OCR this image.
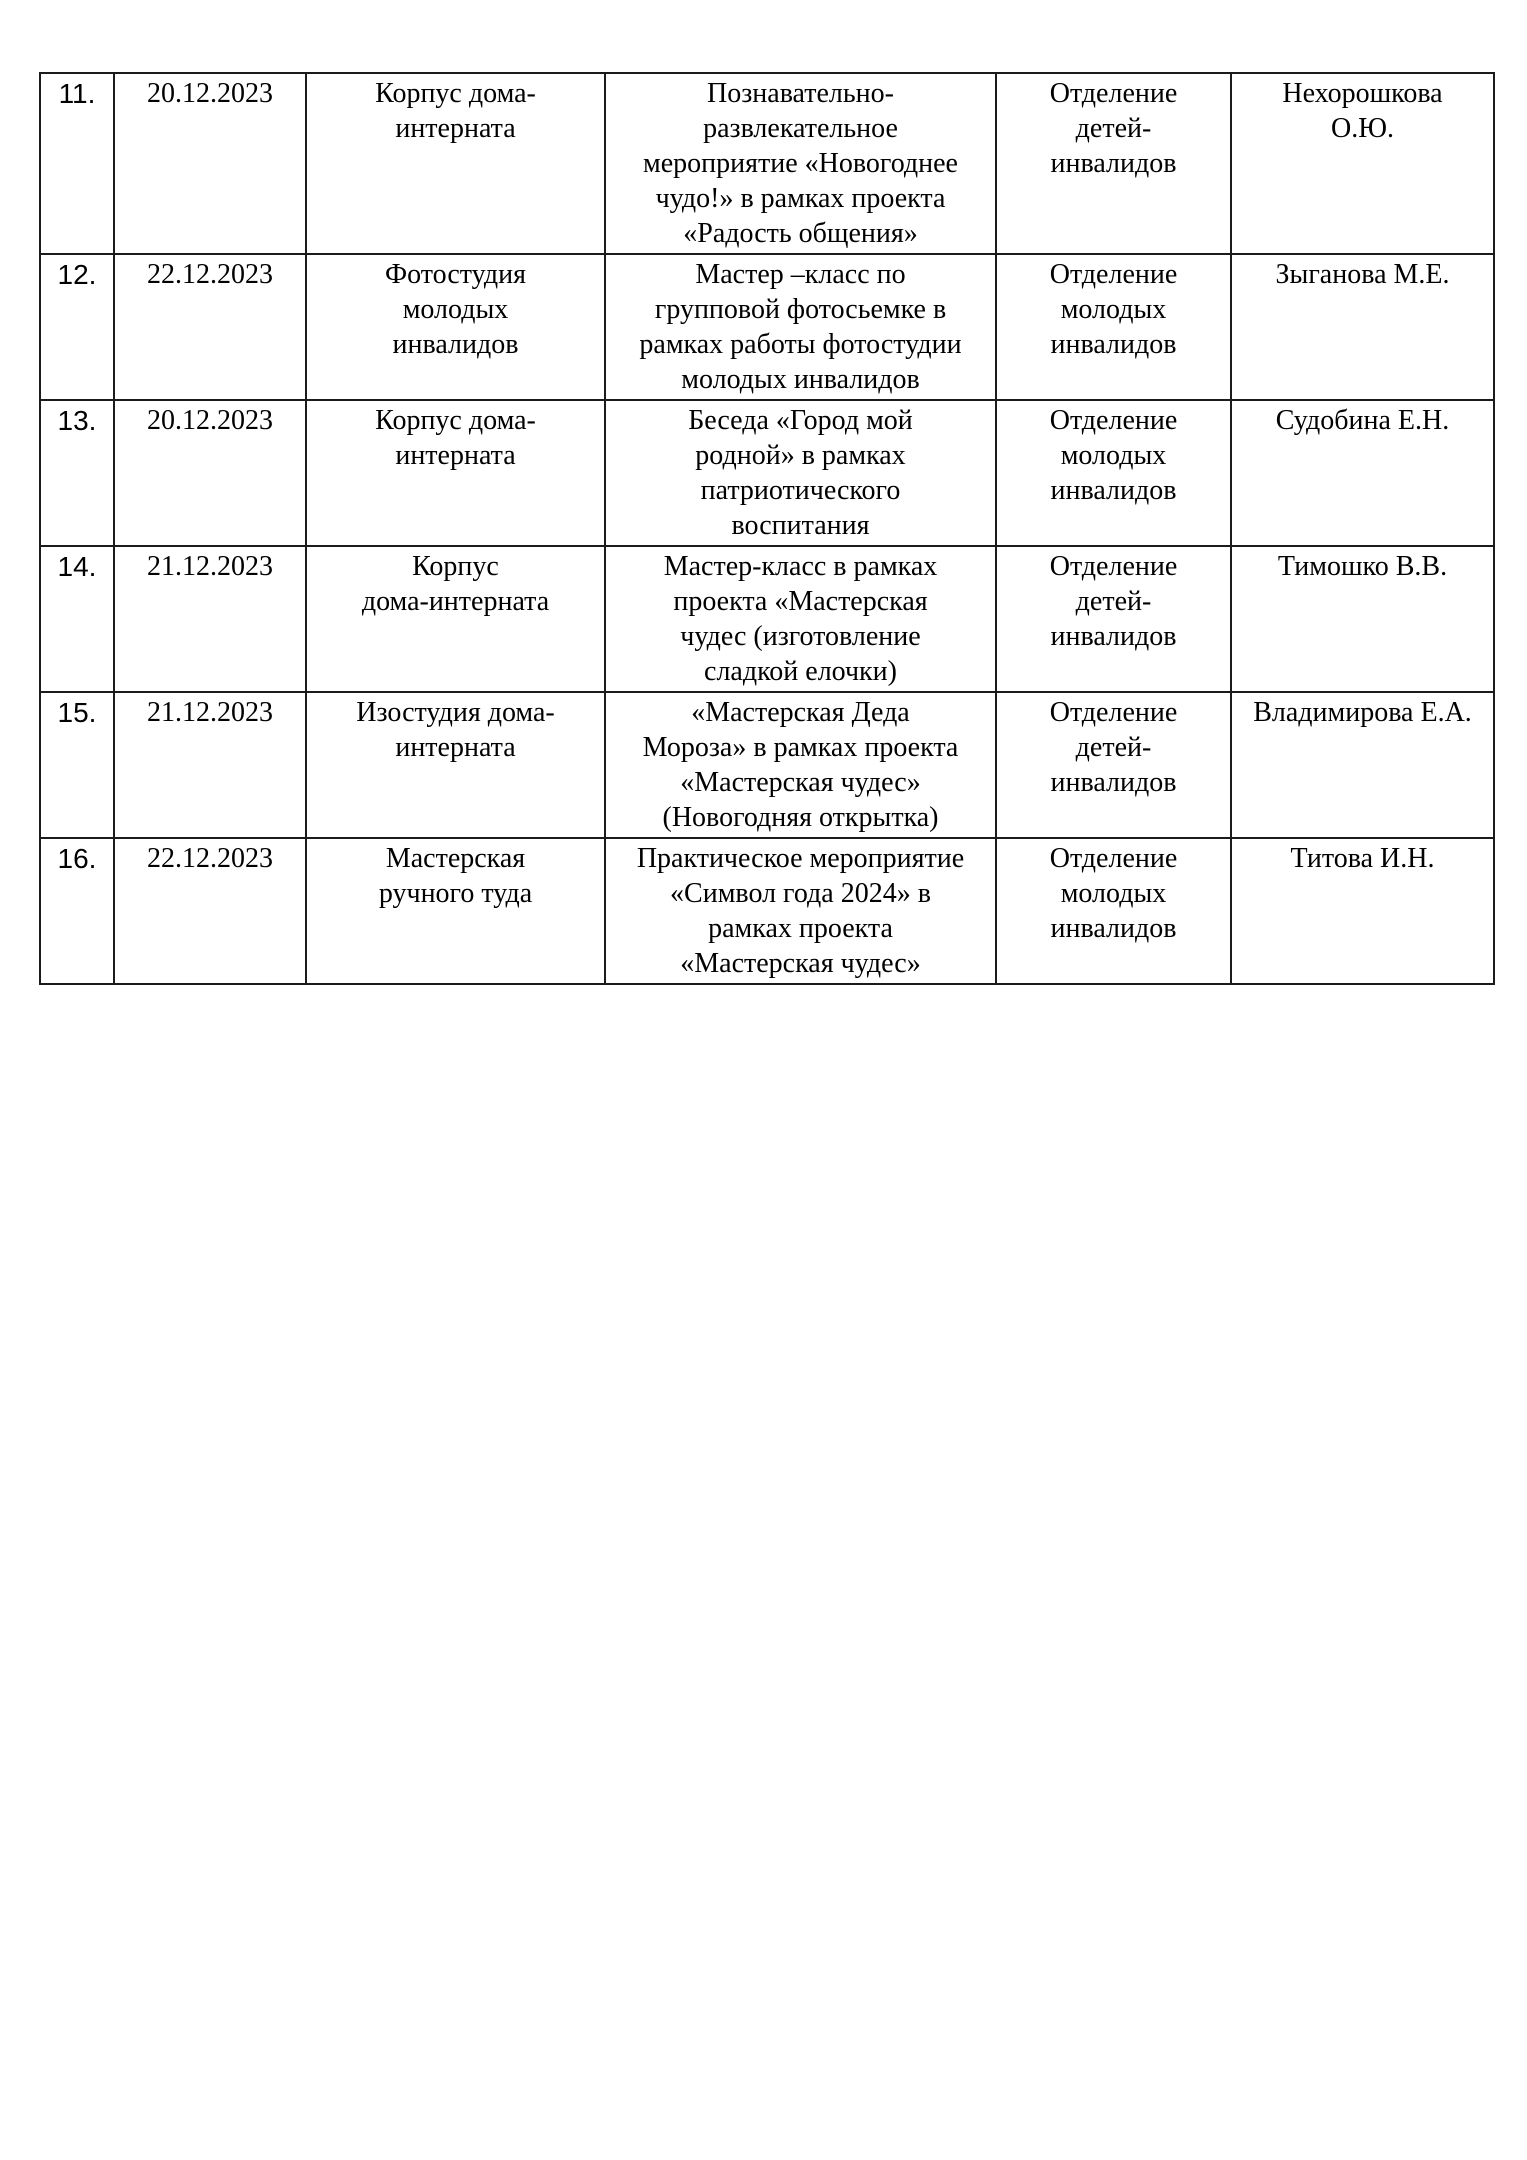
11.	20.12.2023	Корпус дома-
интерната	Познавательно-
развлекательное
мероприятие «Новогоднее
чудо!» в рамках проекта
«Радость общения»	Отделение
детей-
инвалидов	Нехорошкова
О.Ю.
12.	22.12.2023	Фотостудия
молодых
инвалидов	Мастер –класс по
групповой фотосьемке в
рамках работы фотостудии
молодых инвалидов	Отделение
молодых
инвалидов	Зыганова М.Е.
13.	20.12.2023	Корпус дома-
интерната	Беседа «Город мой
родной» в рамках
патриотического
воспитания	Отделение
молодых
инвалидов	Судобина Е.Н.
14.	21.12.2023	Корпус
дома-интерната	Мастер-класс в рамках
проекта «Мастерская
чудес (изготовление
сладкой елочки)	Отделение
детей-
инвалидов	Тимошко В.В.
15.	21.12.2023	Изостудия дома-
интерната	«Мастерская Деда
Мороза» в рамках проекта
«Мастерская чудес»
(Новогодняя открытка)	Отделение
детей-
инвалидов	Владимирова Е.А.
16.	22.12.2023	Мастерская
ручного туда	Практическое мероприятие
«Символ года 2024» в
рамках проекта
«Мастерская чудес»	Отделение
молодых
инвалидов	Титова И.Н.
